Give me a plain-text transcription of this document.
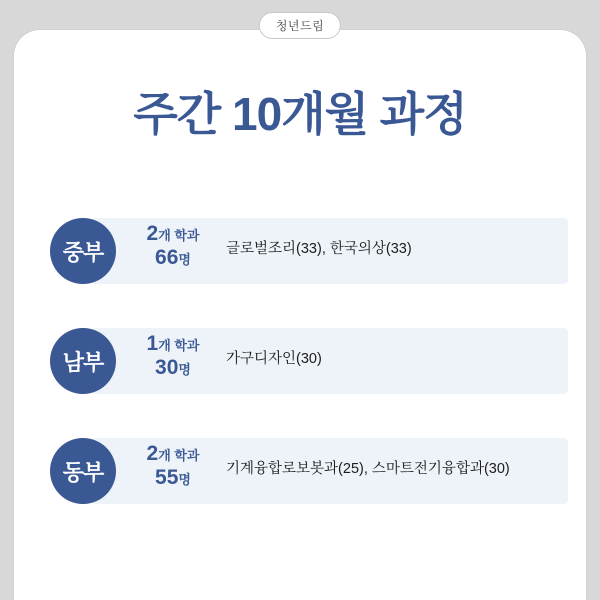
청년드림
주간 10개월 과정
중부
2개 학과
66명
글로벌조리(33), 한국의상(33)
남부
1개 학과
30명
가구디자인(30)
동부
2개 학과
55명
기계융합로보봇과(25), 스마트전기융합과(30)
